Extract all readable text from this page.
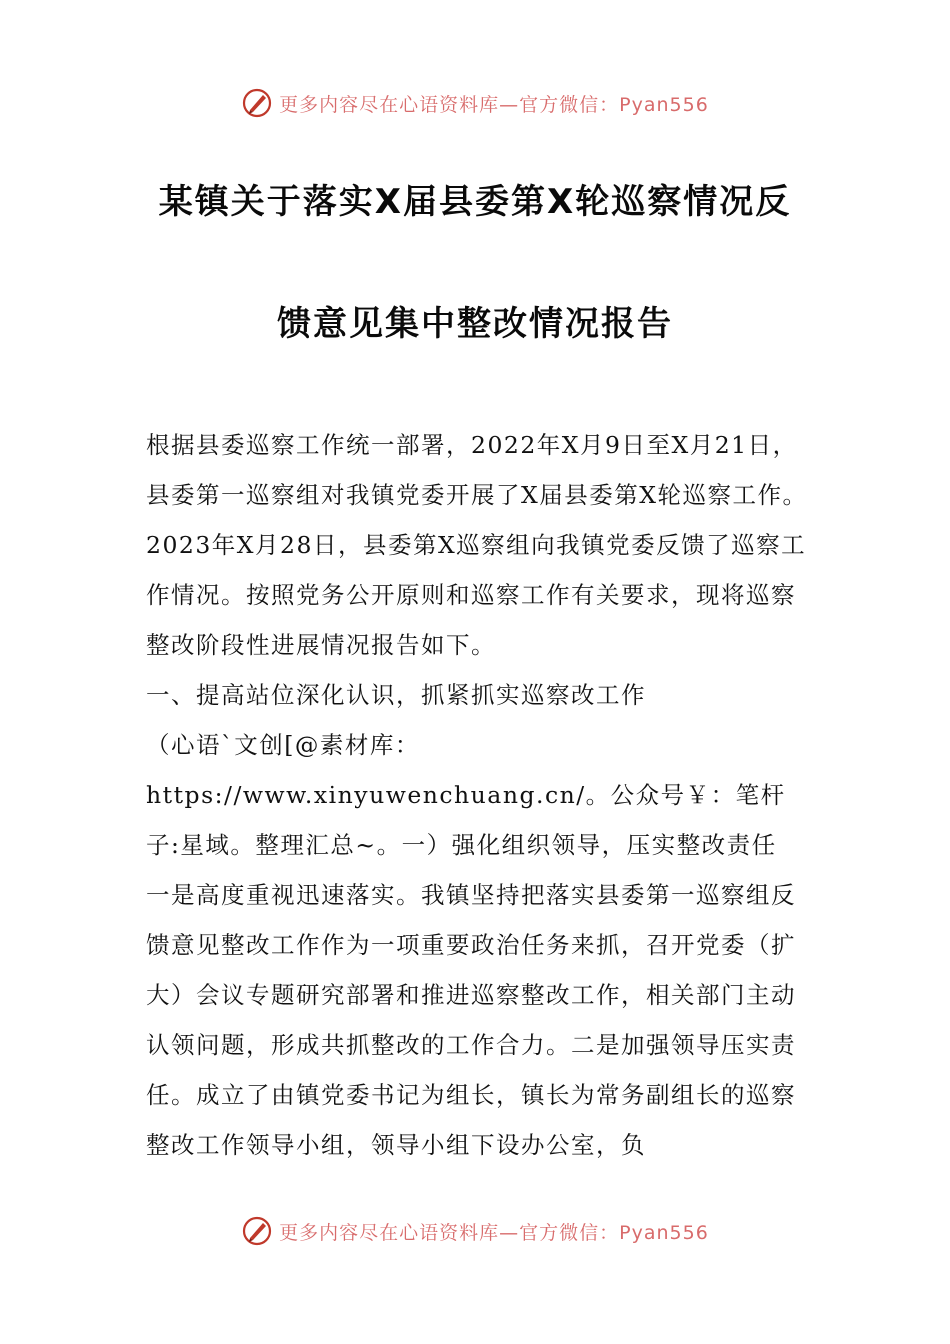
更多内容尽在心语资料库—官方微信：Pyan556
某镇关于落实X届县委第X轮巡察情况反
馈意见集中整改情况报告

根据县委巡察工作统一部署，2022年X月9日至X月21日，县委第一巡察组对我镇党委开展了X届县委第X轮巡察工作。2023年X月28日，县委第X巡察组向我镇党委反馈了巡察工作情况。按照党务公开原则和巡察工作有关要求，现将巡察整改阶段性进展情况报告如下。

一、提高站位深化认识，抓紧抓实巡察改工作

（心语`文创[@素材库：https://www.xinyuwenchuang.cn/。公众号￥：笔杆子:星域。整理汇总~。一）强化组织领导，压实整改责任

一是高度重视迅速落实。我镇坚持把落实县委第一巡察组反馈意见整改工作作为一项重要政治任务来抓，召开党委（扩大）会议专题研究部署和推进巡察整改工作，相关部门主动认领问题，形成共抓整改的工作合力。二是加强领导压实责任。成立了由镇党委书记为组长，镇长为常务副组长的巡察整改工作领导小组，领导小组下设办公室，负

更多内容尽在心语资料库—官方微信：Pyan556
